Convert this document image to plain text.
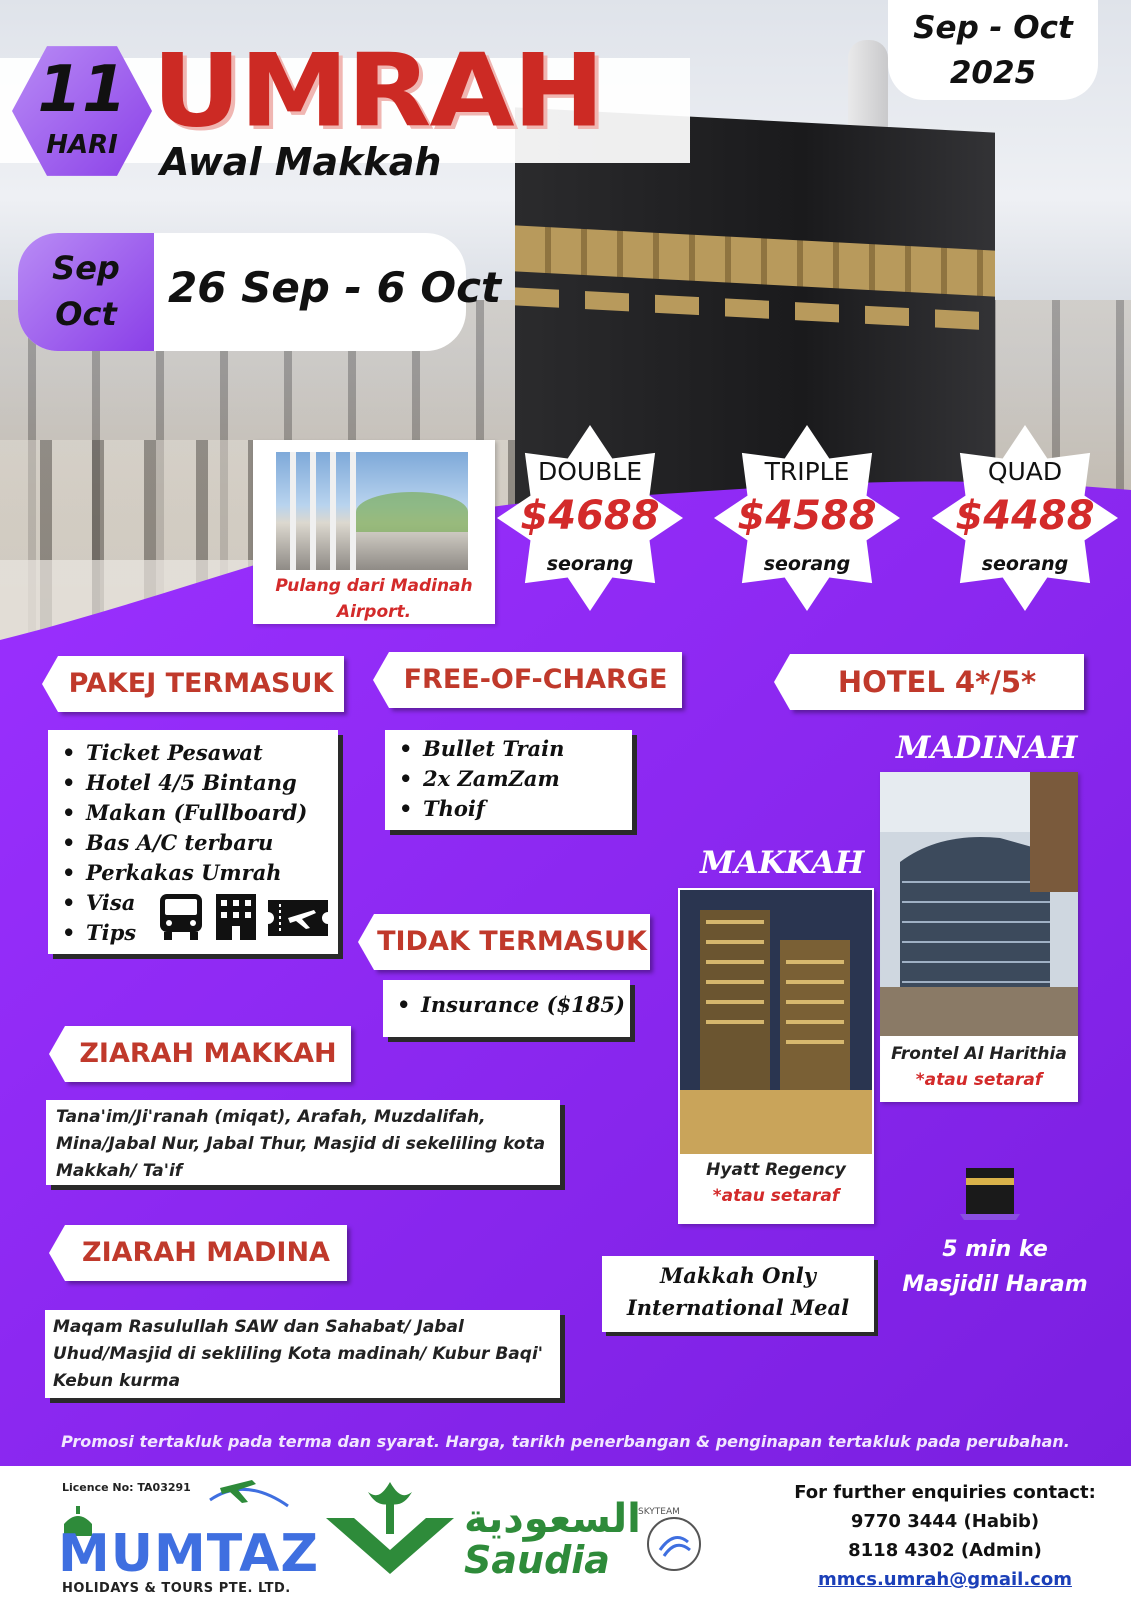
11
HARI UMRAH
Awal Makkah
Sep - Oct
2025
Sep
Oct
26 Sep - 6 Oct
Pulang dari Madinah
Airport.
DOUBLE
$4688
seorang
TRIPLE
$4588
seorang
QUAD
$4488
seorang
PAKEJ TERMASUK
• Ticket Pesawat
• Hotel 4/5 Bintang
• Makan (Fullboard)
• Bas A/C terbaru
• Perkakas Umrah
• Visa
• Tips
FREE-OF-CHARGE
• Bullet Train
• 2x ZamZam
• Thoif
TIDAK TERMASUK
• Insurance ($185)
ZIARAH MAKKAH
Tana'im/Ji'ranah (miqat), Arafah, Muzdalifah,
Mina/Jabal Nur, Jabal Thur, Masjid di sekeliling kota
Makkah/ Ta'if
ZIARAH MADINA
Maqam Rasulullah SAW dan Sahabat/ Jabal
Uhud/Masjid di sekliling Kota madinah/ Kubur Baqi'
Kebun kurma
HOTEL 4*/5*
MADINAH
Frontel Al Harithia
*atau setaraf
MAKKAH
Hyatt Regency
*atau setaraf
Makkah Only
International Meal
5 min ke
Masjidil Haram
Promosi tertakluk pada terma dan syarat. Harga, tarikh penerbangan & penginapan tertakluk pada perubahan.
Licence No: TA03291
MUMTAZ
HOLIDAYS & TOURS PTE. LTD.
السعودية
Saudia
SKYTEAM
For further enquiries contact:
9770 3444 (Habib)
8118 4302 (Admin)
mmcs.umrah@gmail.com
